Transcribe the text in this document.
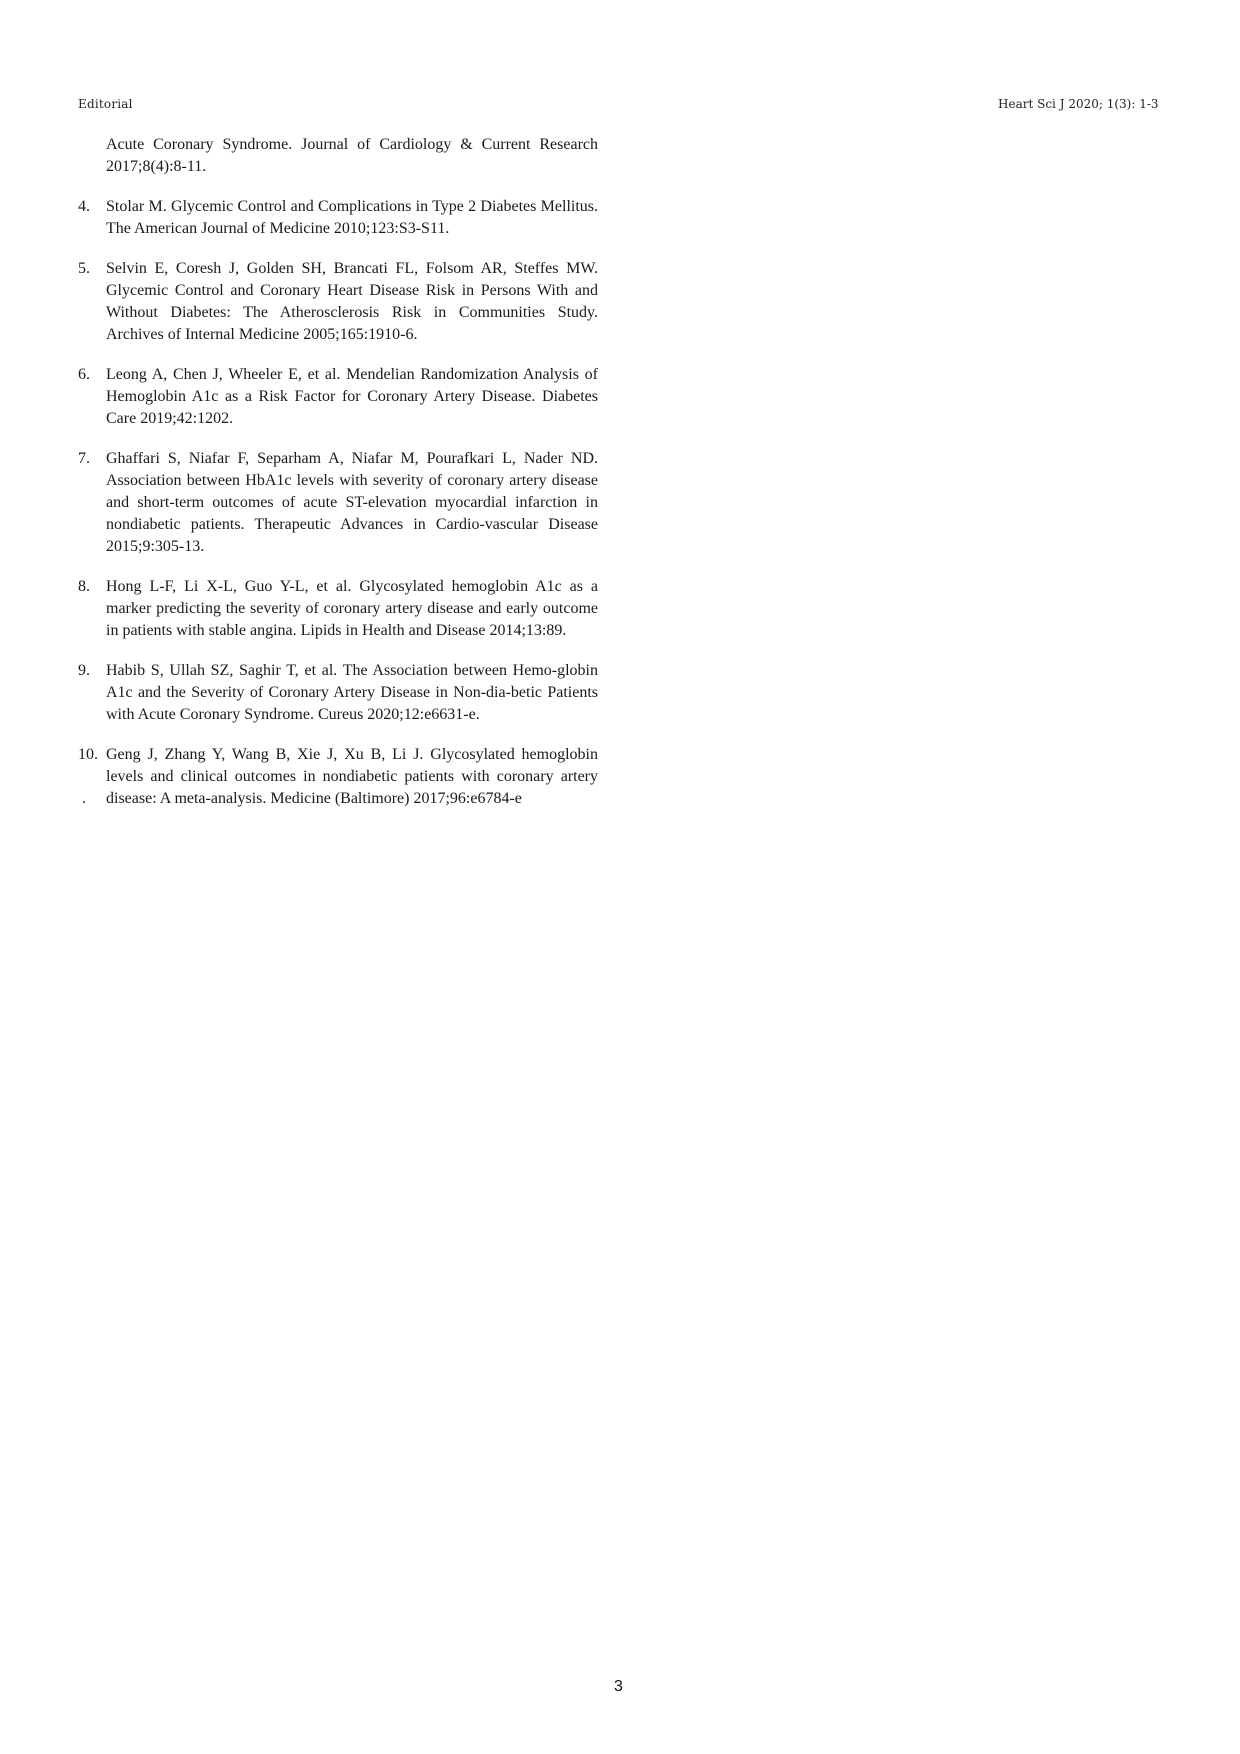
Editorial	Heart Sci J 2020; 1(3): 1-3
Acute Coronary Syndrome. Journal of Cardiology & Current Research 2017;8(4):8-11.
4.	Stolar M. Glycemic Control and Complications in Type 2 Diabetes Mellitus. The American Journal of Medicine 2010;123:S3-S11.
5.	Selvin E, Coresh J, Golden SH, Brancati FL, Folsom AR, Steffes MW. Glycemic Control and Coronary Heart Disease Risk in Persons With and Without Diabetes: The Atherosclerosis Risk in Communities Study. Archives of Internal Medicine 2005;165:1910-6.
6.	Leong A, Chen J, Wheeler E, et al. Mendelian Randomization Analysis of Hemoglobin A1c as a Risk Factor for Coronary Artery Disease. Diabetes Care 2019;42:1202.
7.	Ghaffari S, Niafar F, Separham A, Niafar M, Pourafkari L, Nader ND. Association between HbA1c levels with severity of coronary artery disease and short-term outcomes of acute ST-elevation myocardial infarction in nondiabetic patients. Therapeutic Advances in Cardio-vascular Disease 2015;9:305-13.
8.	Hong L-F, Li X-L, Guo Y-L, et al. Glycosylated hemoglobin A1c as a marker predicting the severity of coronary artery disease and early outcome in patients with stable angina. Lipids in Health and Disease 2014;13:89.
9.	Habib S, Ullah SZ, Saghir T, et al. The Association between Hemo-globin A1c and the Severity of Coronary Artery Disease in Non-dia-betic Patients with Acute Coronary Syndrome. Cureus 2020;12:e6631-e.
10.
.
Geng J, Zhang Y, Wang B, Xie J, Xu B, Li J. Glycosylated hemoglobin levels and clinical outcomes in nondiabetic patients with coronary artery disease: A meta-analysis. Medicine (Baltimore) 2017;96:e6784-e
3
